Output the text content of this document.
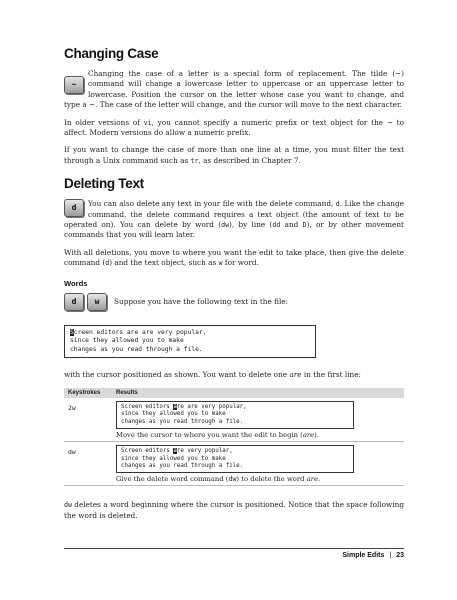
Changing Case
~

Changing the case of a letter is a special form of replacement. The tilde (~) command will change a lowercase letter to uppercase or an uppercase letter to lowercase. Position the cursor on the letter whose case you want to change, and type a ~. The case of the letter will change, and the cursor will move to the next character.

In older versions of vi, you cannot specify a numeric prefix or text object for the ~ to affect. Modern versions do allow a numeric prefix.

If you want to change the case of more than one line at a time, you must filter the text through a Unix command such as tr, as described in Chapter 7.

Deleting Text
d	You can also delete any text in your file with the delete command, d. Like the change command, the delete command requires a text object (the amount of text to be operated on). You can delete by word (dw), by line (dd and D), or by other movement commands that you will learn later.

With all deletions, you move to where you want the edit to take place, then give the delete command (d) and the text object, such as w for word.

Words
d	w	Suppose you have the following text in the file:

Screen editors are are very popular,
since they allowed you to make
changes as you read through a file.

with the cursor positioned as shown. You want to delete one are in the first line:

Keystrokes	Results
2w	Screen editors are are very popular,
since they allowed you to make
changes as you read through a file.
Move the cursor to where you want the edit to begin (are).

dw	Screen editors are very popular,
since they allowed you to make
changes as you read through a file.
Give the delete word command (dw) to delete the word are.

dw deletes a word beginning where the cursor is positioned. Notice that the space following the word is deleted.

Simple Edits | 23
